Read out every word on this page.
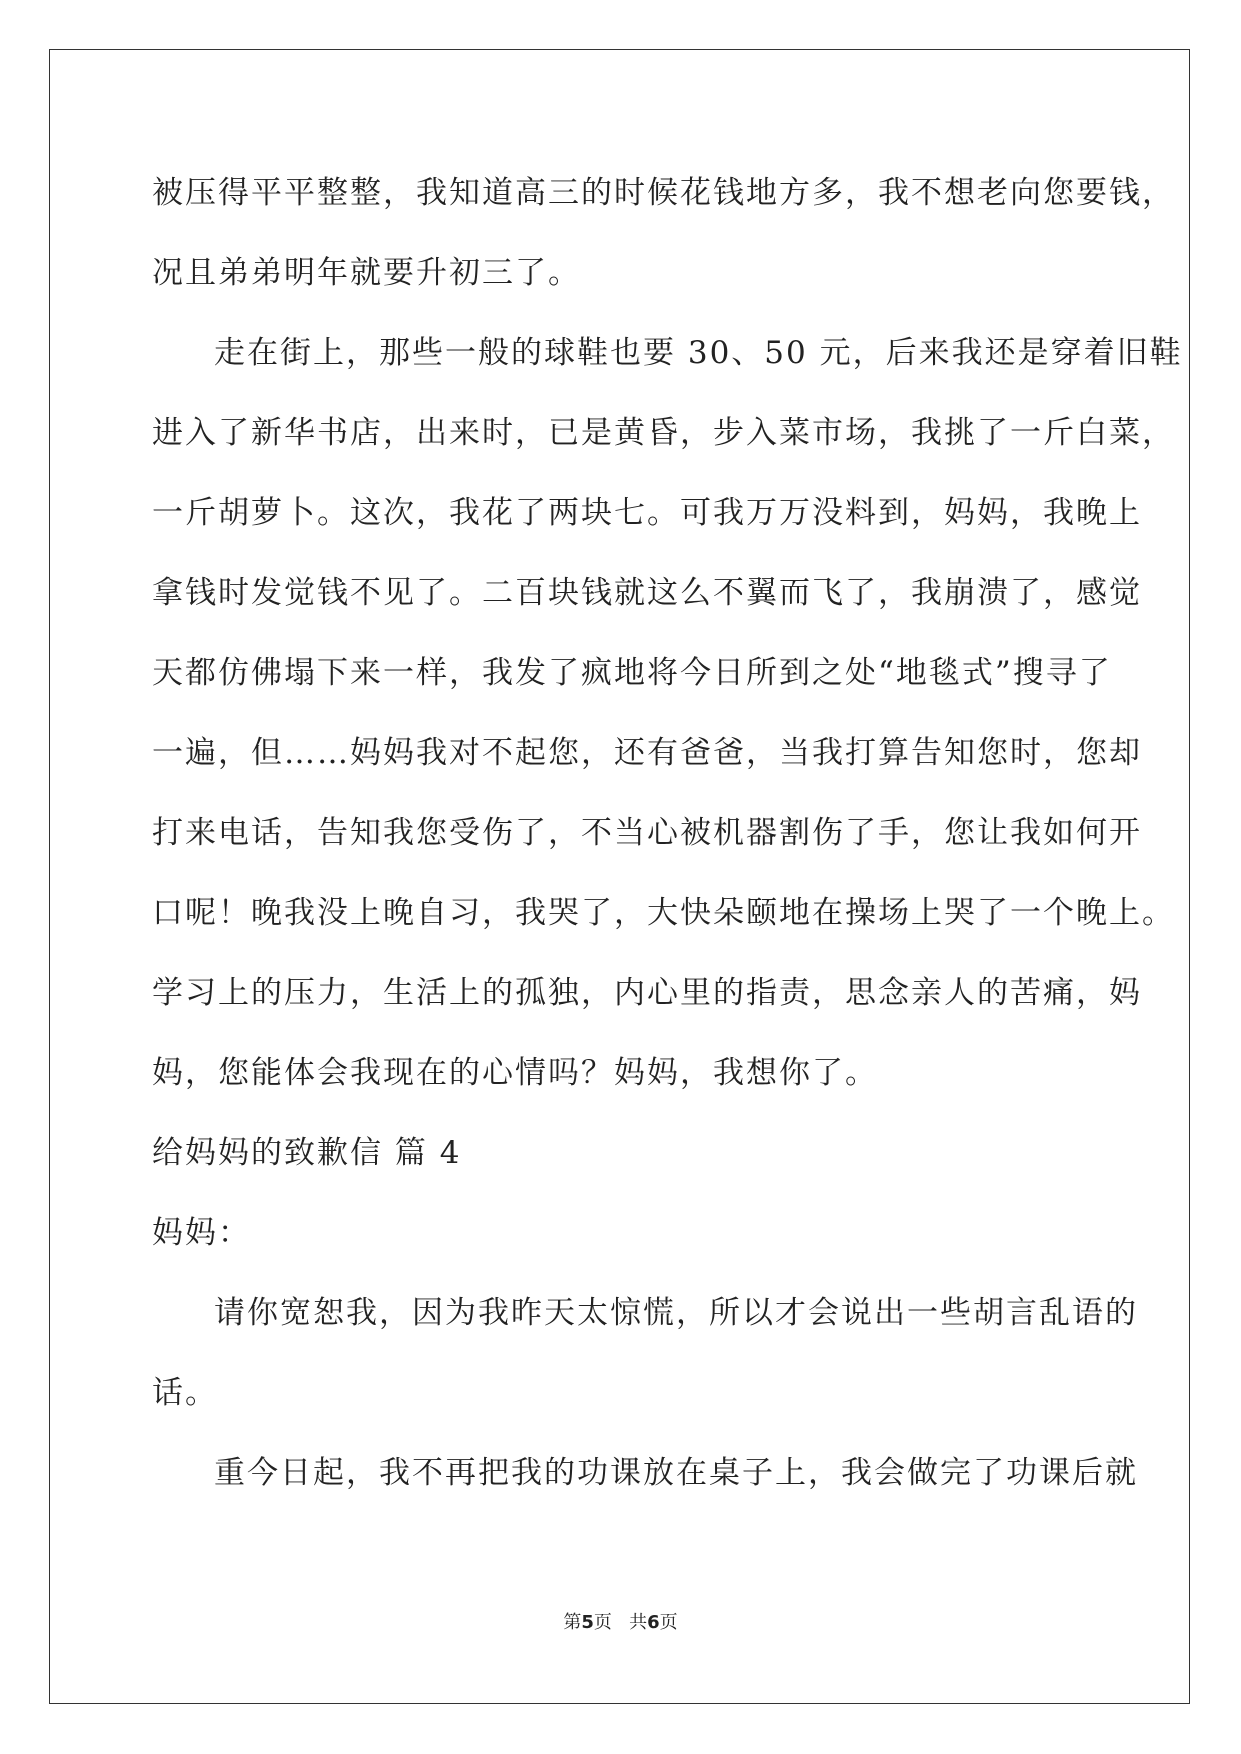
被压得平平整整，我知道高三的时候花钱地方多，我不想老向您要钱，
况且弟弟明年就要升初三了。
走在街上，那些一般的球鞋也要 30、50 元，后来我还是穿着旧鞋
进入了新华书店，出来时，已是黄昏，步入菜市场，我挑了一斤白菜，
一斤胡萝卜。这次，我花了两块七。可我万万没料到，妈妈，我晚上
拿钱时发觉钱不见了。二百块钱就这么不翼而飞了，我崩溃了，感觉
天都仿佛塌下来一样，我发了疯地将今日所到之处“地毯式”搜寻了
一遍，但……妈妈我对不起您，还有爸爸，当我打算告知您时，您却
打来电话，告知我您受伤了，不当心被机器割伤了手，您让我如何开
口呢！晚我没上晚自习，我哭了，大快朵颐地在操场上哭了一个晚上。
学习上的压力，生活上的孤独，内心里的指责，思念亲人的苦痛，妈
妈，您能体会我现在的心情吗？妈妈，我想你了。
给妈妈的致歉信 篇 4
妈妈：
请你宽恕我，因为我昨天太惊慌，所以才会说出一些胡言乱语的
话。
重今日起，我不再把我的功课放在桌子上，我会做完了功课后就
第5页 共6页
